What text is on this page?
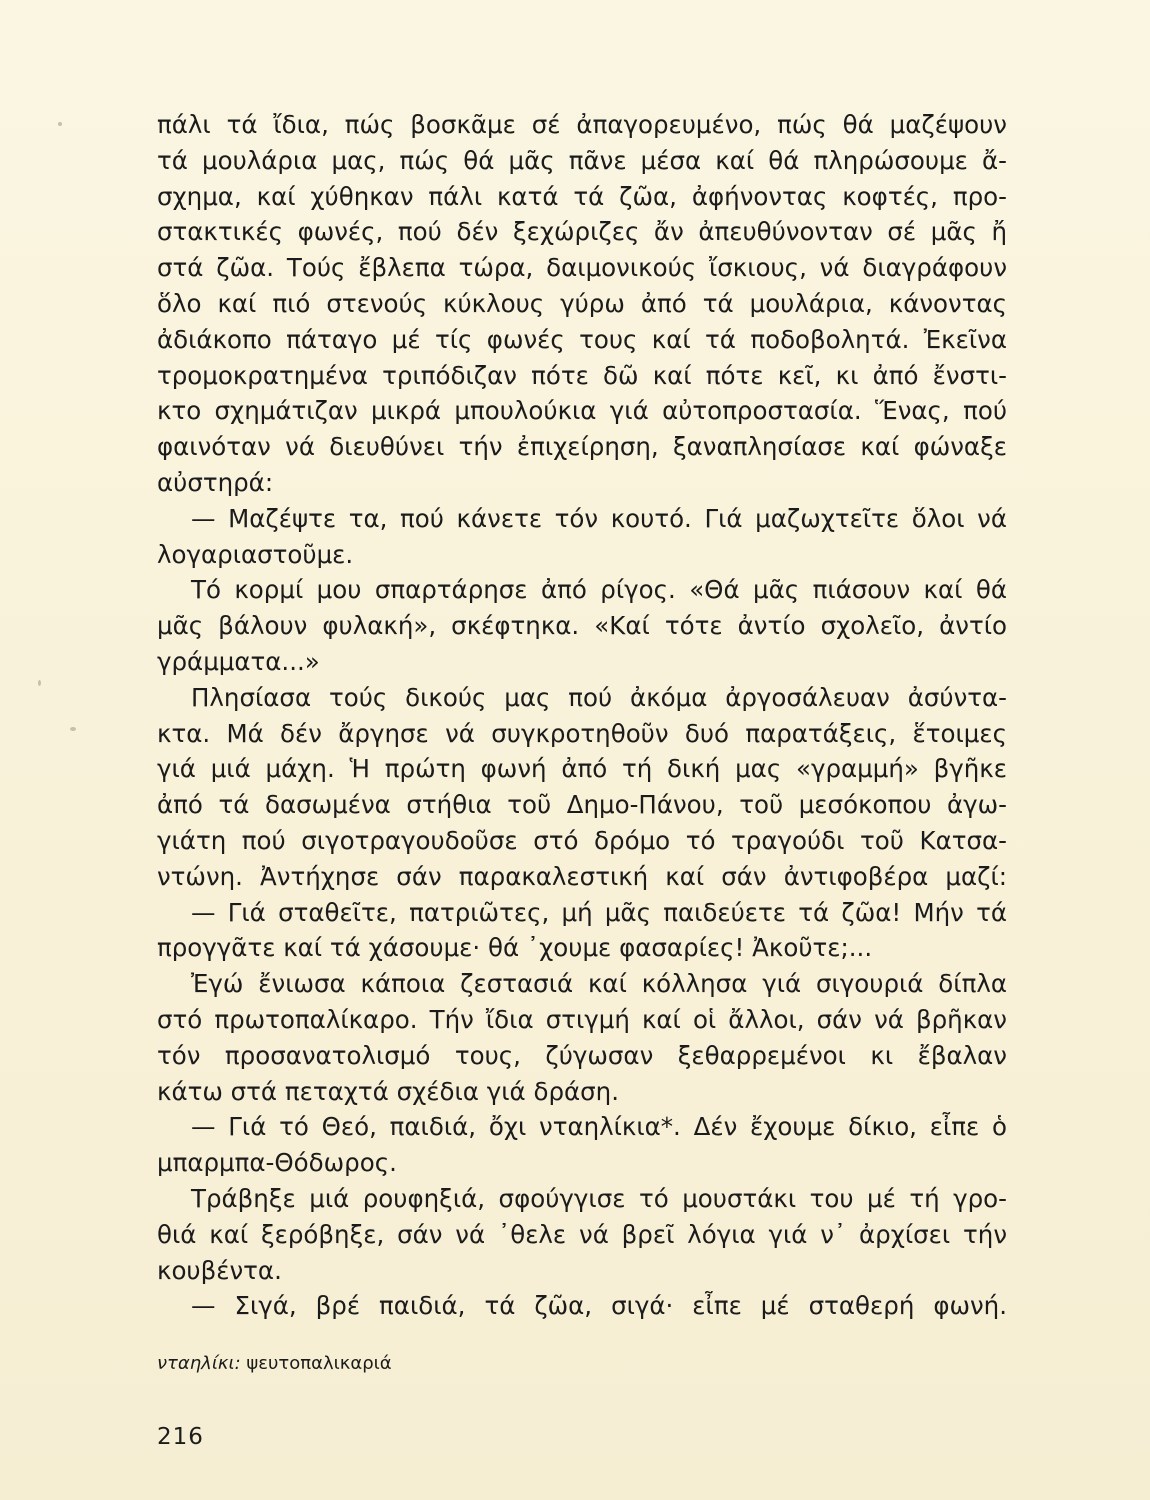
πάλι τά ἴδια, πώς βοσκᾶμε σέ ἀπαγορευμένο, πώς θά μαζέψουν
τά μουλάρια μας, πώς θά μᾶς πᾶνε μέσα καί θά πληρώσουμε ἄ-
σχημα, καί χύθηκαν πάλι κατά τά ζῶα, ἀφήνοντας κοφτές, προ-
στακτικές φωνές, πού δέν ξεχώριζες ἄν ἀπευθύνονταν σέ μᾶς ἤ
στά ζῶα. Τούς ἔβλεπα τώρα, δαιμονικούς ἴσκιους, νά διαγράφουν
ὅλο καί πιό στενούς κύκλους γύρω ἀπό τά μουλάρια, κάνοντας
ἀδιάκοπο πάταγο μέ τίς φωνές τους καί τά ποδοβολητά. Ἐκεῖνα
τρομοκρατημένα τριπόδιζαν πότε δῶ καί πότε κεῖ, κι ἀπό ἔνστι-
κτο σχημάτιζαν μικρά μπουλούκια γιά αὐτοπροστασία. Ἕνας, πού
φαινόταν νά διευθύνει τήν ἐπιχείρηση, ξαναπλησίασε καί φώναξε
αὐστηρά:
— Μαζέψτε τα, πού κάνετε τόν κουτό. Γιά μαζωχτεῖτε ὅλοι νά
λογαριαστοῦμε.
Τό κορμί μου σπαρτάρησε ἀπό ρίγος. «Θά μᾶς πιάσουν καί θά
μᾶς βάλουν φυλακή», σκέφτηκα. «Καί τότε ἀντίο σχολεῖο, ἀντίο
γράμματα...»
Πλησίασα τούς δικούς μας πού ἀκόμα ἀργοσάλευαν ἀσύντα-
κτα. Μά δέν ἄργησε νά συγκροτηθοῦν δυό παρατάξεις, ἕτοιμες
γιά μιά μάχη. Ἡ πρώτη φωνή ἀπό τή δική μας «γραμμή» βγῆκε
ἀπό τά δασωμένα στήθια τοῦ Δημο-Πάνου, τοῦ μεσόκοπου ἀγω-
γιάτη πού σιγοτραγουδοῦσε στό δρόμο τό τραγούδι τοῦ Κατσα-
ντώνη. Ἀντήχησε σάν παρακαλεστική καί σάν ἀντιφοβέρα μαζί:
— Γιά σταθεῖτε, πατριῶτες, μή μᾶς παιδεύετε τά ζῶα! Μήν τά
προγγᾶτε καί τά χάσουμε· θά ᾽χουμε φασαρίες! Ἀκοῦτε;...
Ἐγώ ἔνιωσα κάποια ζεστασιά καί κόλλησα γιά σιγουριά δίπλα
στό πρωτοπαλίκαρο. Τήν ἴδια στιγμή καί οἱ ἄλλοι, σάν νά βρῆκαν
τόν προσανατολισμό τους, ζύγωσαν ξεθαρρεμένοι κι ἔβαλαν
κάτω στά πεταχτά σχέδια γιά δράση.
— Γιά τό Θεό, παιδιά, ὄχι νταηλίκια*. Δέν ἔχουμε δίκιο, εἶπε ὁ
μπαρμπα-Θόδωρος.
Τράβηξε μιά ρουφηξιά, σφούγγισε τό μουστάκι του μέ τή γρο-
θιά καί ξερόβηξε, σάν νά ᾽θελε νά βρεῖ λόγια γιά ν᾽ ἀρχίσει τήν
κουβέντα.
— Σιγά, βρέ παιδιά, τά ζῶα, σιγά· εἶπε μέ σταθερή φωνή.
νταηλίκι: ψευτοπαλικαριά
216
